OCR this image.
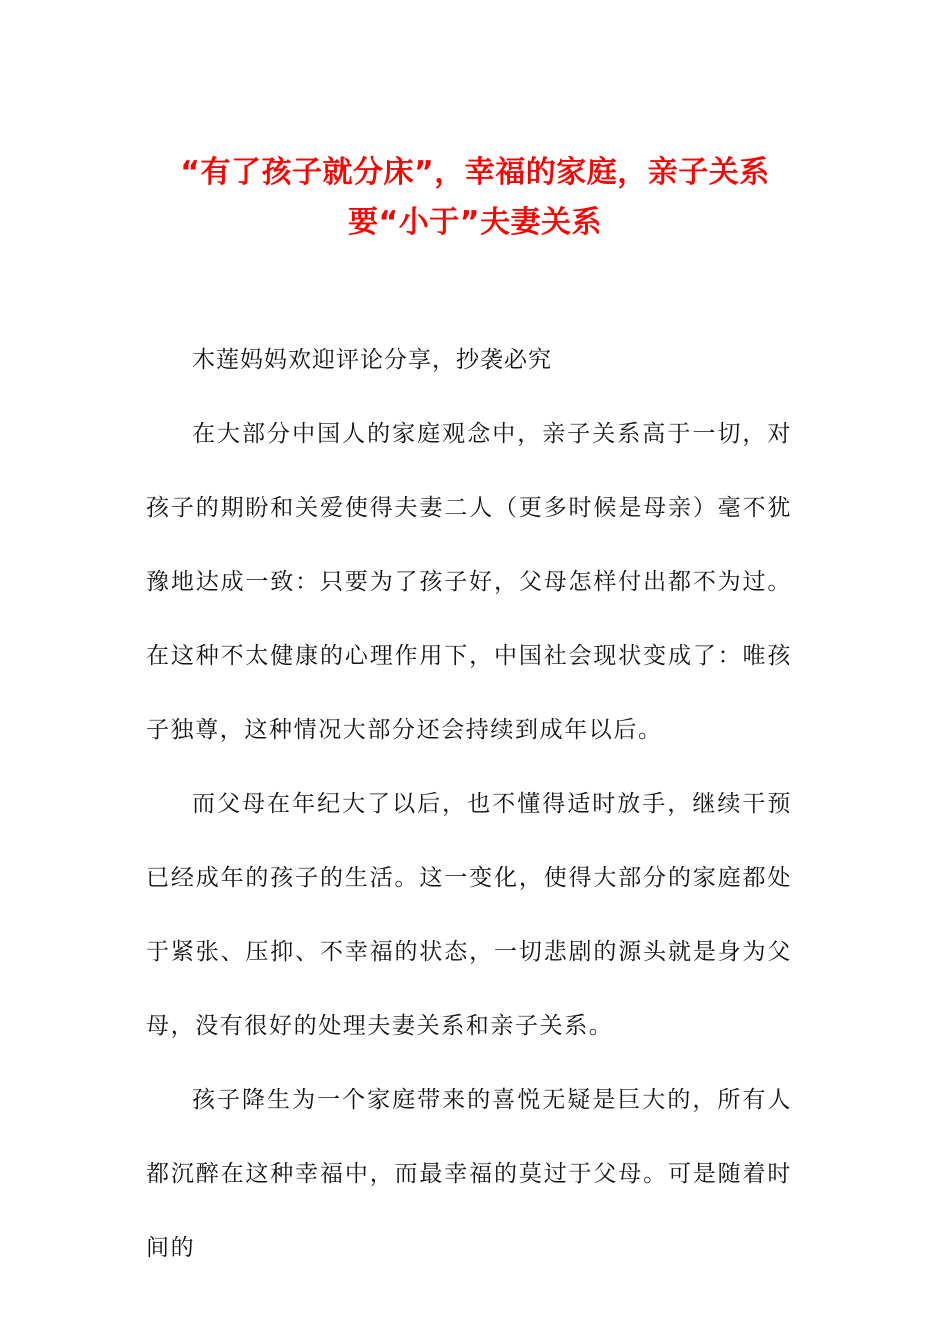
“有了孩子就分床”，幸福的家庭，亲子关系要“小于”夫妻关系

木莲妈妈欢迎评论分享，抄袭必究

在大部分中国人的家庭观念中，亲子关系高于一切，对孩子的期盼和关爱使得夫妻二人（更多时候是母亲）毫不犹豫地达成一致：只要为了孩子好，父母怎样付出都不为过。在这种不太健康的心理作用下，中国社会现状变成了：唯孩子独尊，这种情况大部分还会持续到成年以后。

而父母在年纪大了以后，也不懂得适时放手，继续干预已经成年的孩子的生活。这一变化，使得大部分的家庭都处于紧张、压抑、不幸福的状态，一切悲剧的源头就是身为父母，没有很好的处理夫妻关系和亲子关系。

孩子降生为一个家庭带来的喜悦无疑是巨大的，所有人都沉醉在这种幸福中，而最幸福的莫过于父母。可是随着时间的
